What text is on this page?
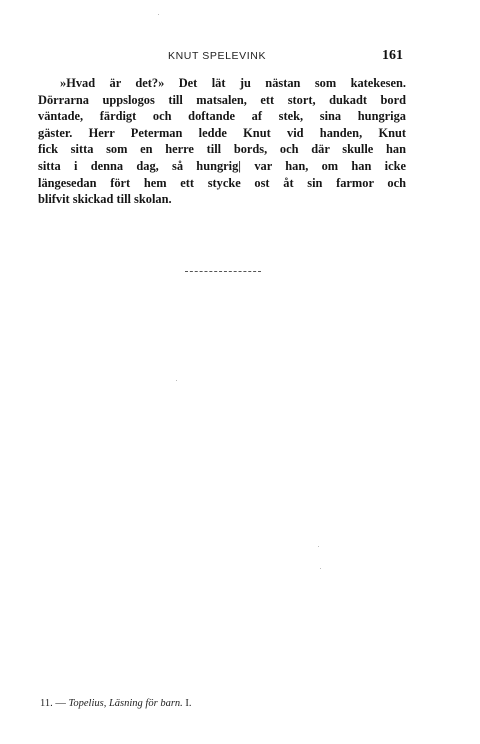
KNUT SPELEVINK	161
»Hvad är det?» Det lät ju nästan som katekesen.
Dörrarna uppslogos till matsalen, ett stort, dukadt bord
väntade, färdigt och doftande af stek, sina hungriga
gäster. Herr Peterman ledde Knut vid handen, Knut
fick sitta som en herre till bords, och där skulle han
sitta i denna dag, så hungrig| var han, om han icke
längesedan fört hem ett stycke ost åt sin farmor och
blifvit skickad till skolan.
11. — Topelius, Läsning för barn. I.
